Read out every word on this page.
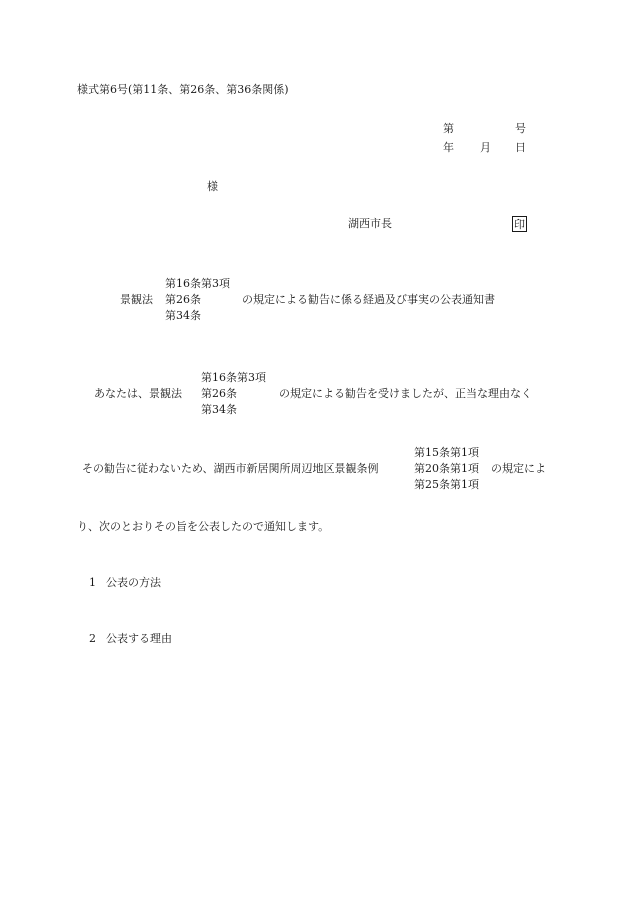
様式第6号(第11条、第26条、第36条関係)
第	号
年 月 日
様
湖西市長	印
第16条第3項
景観法 第26条	の規定による勧告に係る経過及び事実の公表通知書
第34条
第16条第3項
あなたは、景観法 第26条	の規定による勧告を受けましたが、正当な理由なく
第34条
第15条第1項
その勧告に従わないため、湖西市新居関所周辺地区景観条例	第20条第1項 の規定によ
第25条第1項
り、次のとおりその旨を公表したので通知します。
1 公表の方法
2 公表する理由
